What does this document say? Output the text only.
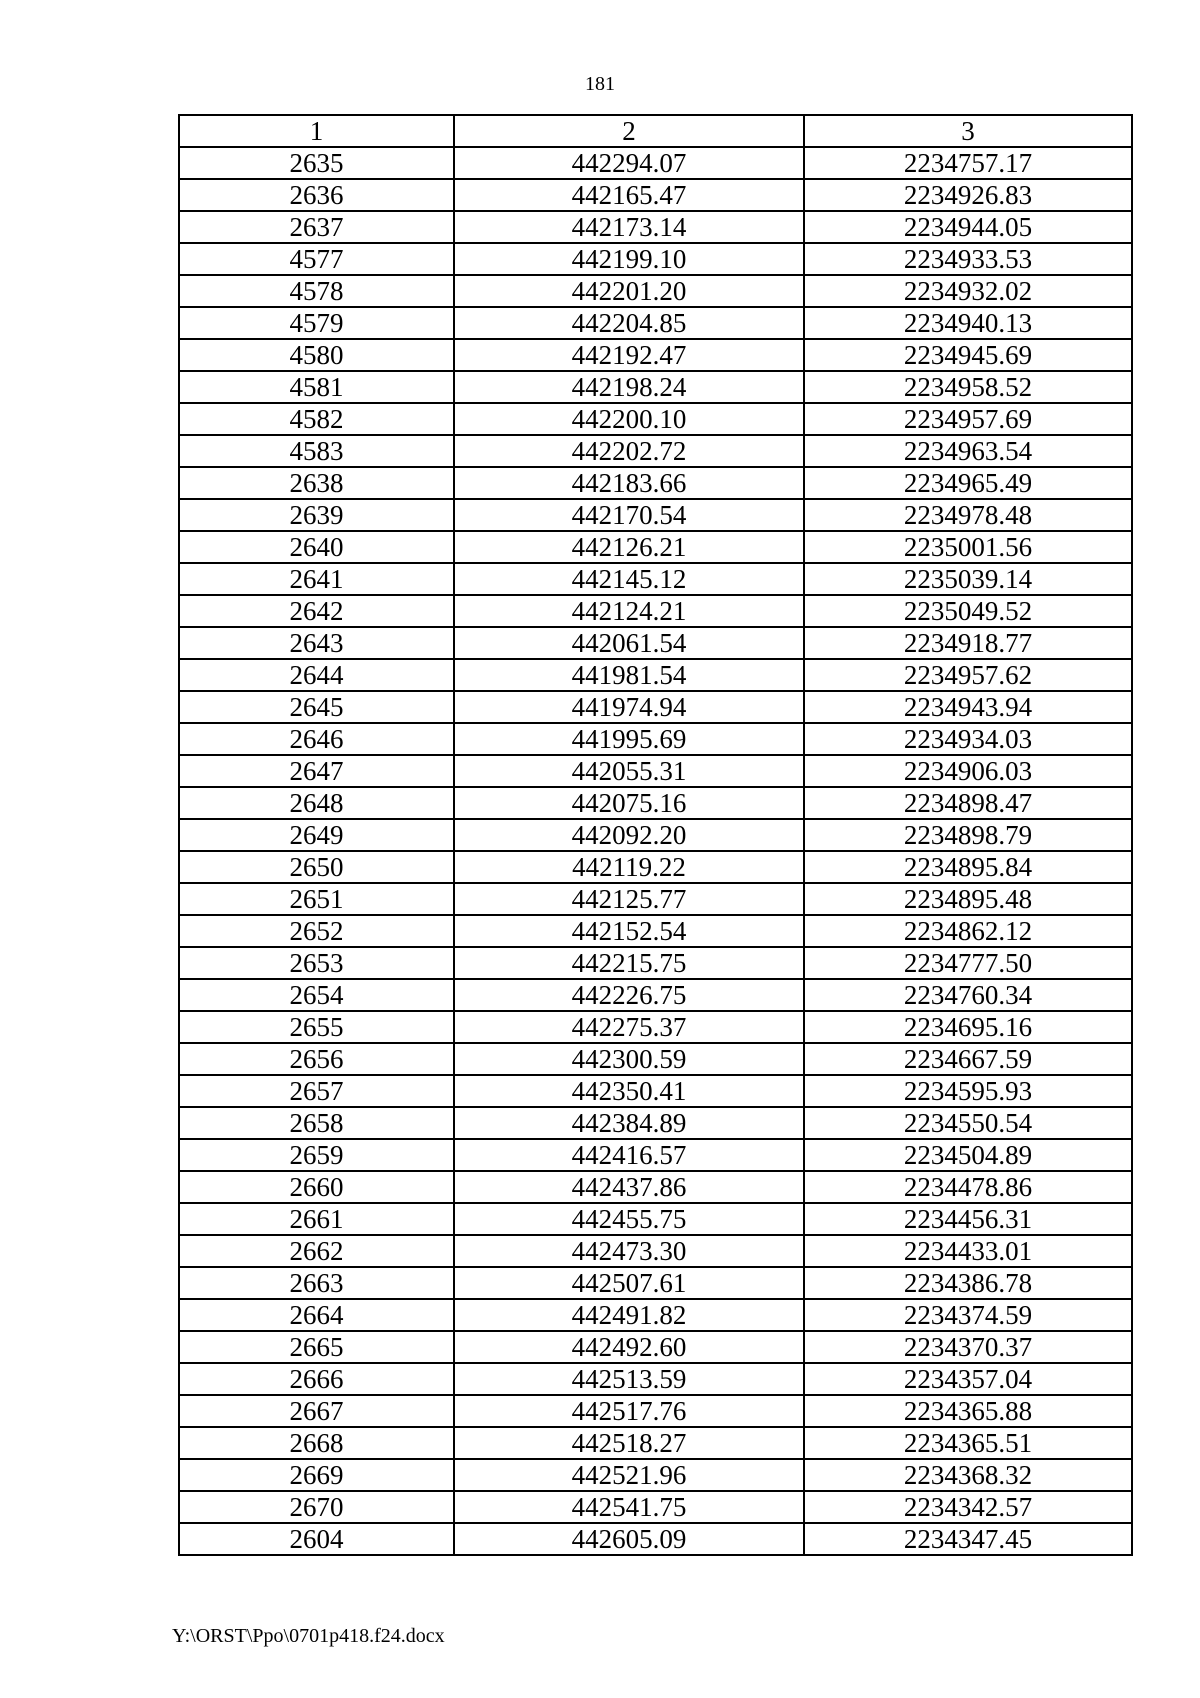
181
1	2	3
2635	442294.07	2234757.17
2636	442165.47	2234926.83
2637	442173.14	2234944.05
4577	442199.10	2234933.53
4578	442201.20	2234932.02
4579	442204.85	2234940.13
4580	442192.47	2234945.69
4581	442198.24	2234958.52
4582	442200.10	2234957.69
4583	442202.72	2234963.54
2638	442183.66	2234965.49
2639	442170.54	2234978.48
2640	442126.21	2235001.56
2641	442145.12	2235039.14
2642	442124.21	2235049.52
2643	442061.54	2234918.77
2644	441981.54	2234957.62
2645	441974.94	2234943.94
2646	441995.69	2234934.03
2647	442055.31	2234906.03
2648	442075.16	2234898.47
2649	442092.20	2234898.79
2650	442119.22	2234895.84
2651	442125.77	2234895.48
2652	442152.54	2234862.12
2653	442215.75	2234777.50
2654	442226.75	2234760.34
2655	442275.37	2234695.16
2656	442300.59	2234667.59
2657	442350.41	2234595.93
2658	442384.89	2234550.54
2659	442416.57	2234504.89
2660	442437.86	2234478.86
2661	442455.75	2234456.31
2662	442473.30	2234433.01
2663	442507.61	2234386.78
2664	442491.82	2234374.59
2665	442492.60	2234370.37
2666	442513.59	2234357.04
2667	442517.76	2234365.88
2668	442518.27	2234365.51
2669	442521.96	2234368.32
2670	442541.75	2234342.57
2604	442605.09	2234347.45
Y:\ORST\Ppo\0701p418.f24.docx
